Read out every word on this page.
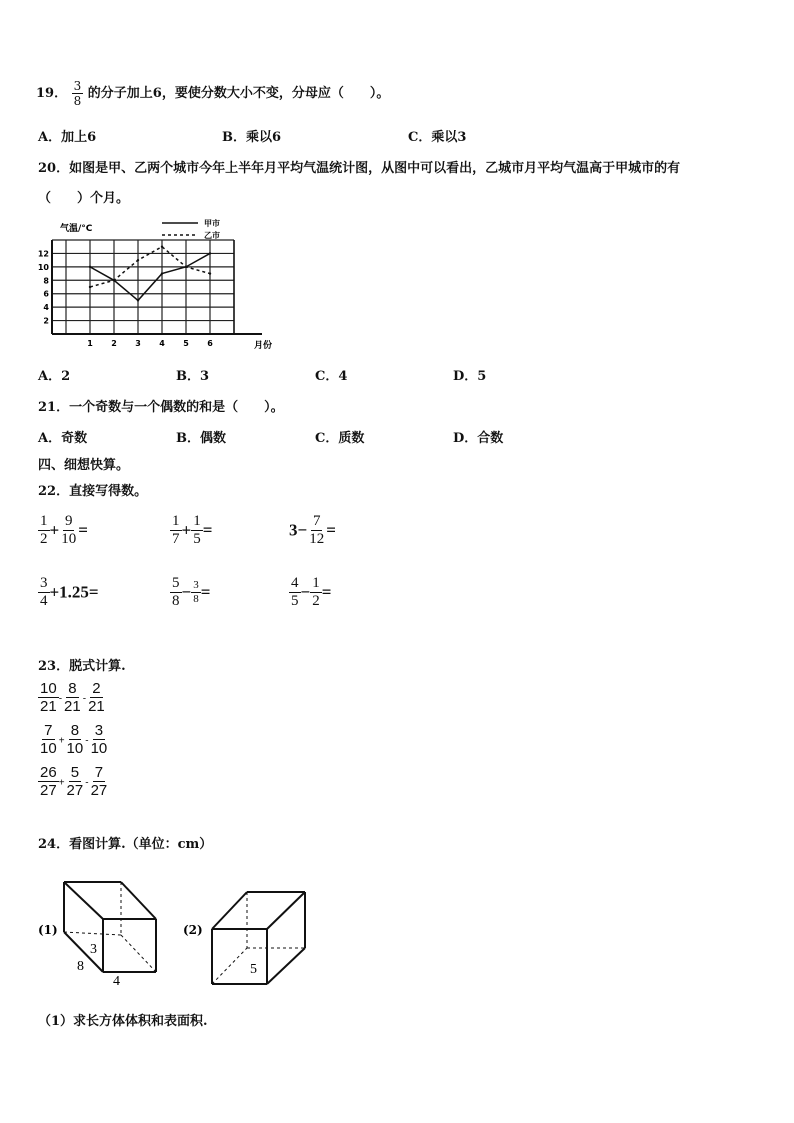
19． $\frac{3}{8}$ 的分子加上6，要使分数大小不变，分母应（　　）。
A．加上6	B．乘以6	C．乘以3
20．如图是甲、乙两个城市今年上半年月平均气温统计图，从图中可以看出，乙城市月平均气温高于甲城市的有
（　　）个月。
2
4
6
8
10
12
1 2 3 4 5 6
气温/°C
月份
甲市
乙市
A．2	B．3	C．4	D．5
21．一个奇数与一个偶数的和是（　　）。
A．奇数	B．偶数	C．质数	D．合数
四、细想快算。
22．直接写得数。
$\frac{1}{2} + \frac{9}{10}$ =	$\frac{1}{7} + \frac{1}{5}$ =	$3- \frac{7}{12}$ =
$\frac{3}{4} +1.25=$	$\frac{5}{8} - \frac{3}{8}$ =	$\frac{4}{5} - \frac{1}{2}$ =
23．脱式计算.
$\frac{10}{21} - \frac{8}{21} - \frac{2}{21}$
$\frac{7}{10} + \frac{8}{10} - \frac{3}{10}$
$\frac{26}{27} + \frac{5}{27} - \frac{7}{27}$
24．看图计算.（单位：cm）
(1)
3
8
4
(2)
5
（1）求长方体体积和表面积.
